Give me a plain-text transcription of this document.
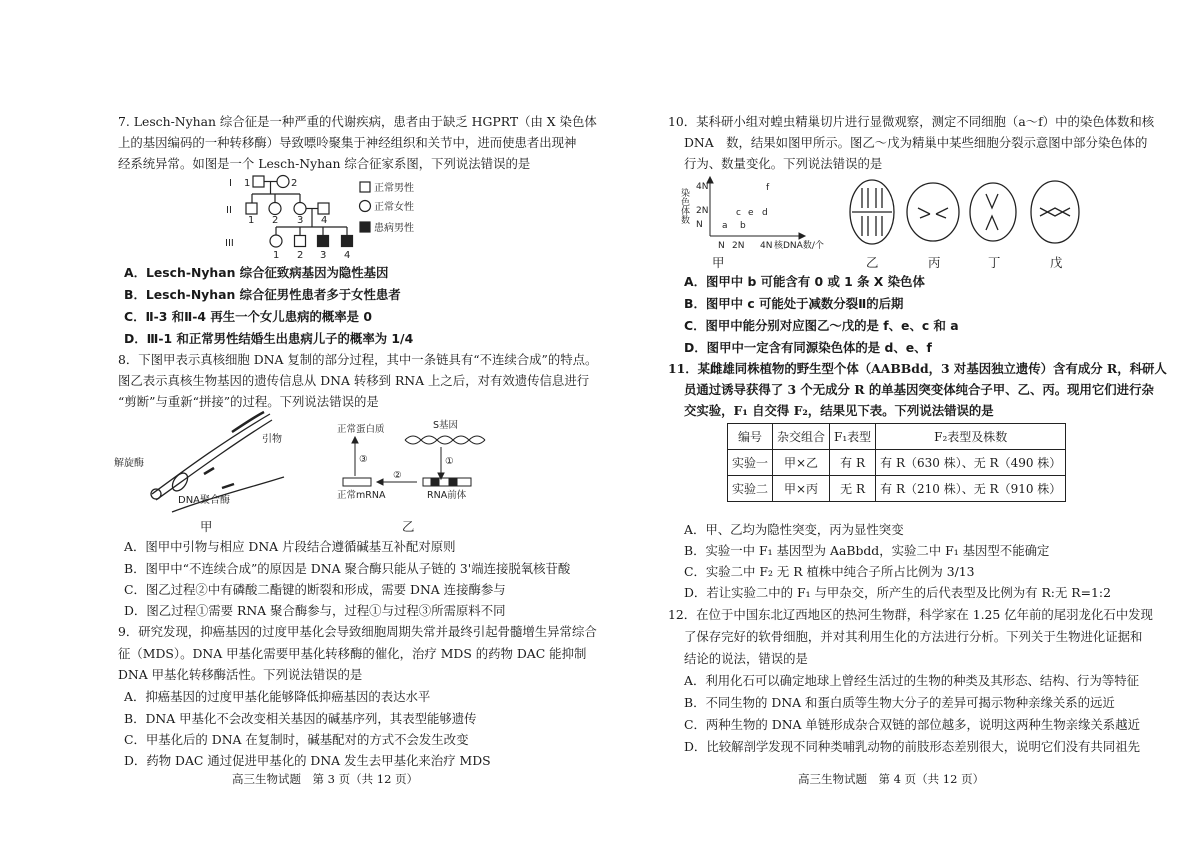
7. Lesch-Nyhan 综合征是一种严重的代谢疾病，患者由于缺乏 HGPRT（由 X 染色体
上的基因编码的一种转移酶）导致嘌呤聚集于神经组织和关节中，进而使患者出现神
经系统异常。如图是一个 Lesch-Nyhan 综合征家系图，下列说法错误的是
I 1	2
II
1 2 3 4
III
1 2 3 4
正常男性
正常女性
患病男性
A．Lesch-Nyhan 综合征致病基因为隐性基因
B．Lesch-Nyhan 综合征男性患者多于女性患者
C．Ⅱ-3 和Ⅱ-4 再生一个女儿患病的概率是 0
D．Ⅲ-1 和正常男性结婚生出患病儿子的概率为 1/4
8．下图甲表示真核细胞 DNA 复制的部分过程，其中一条链具有“不连续合成”的特点。
图乙表示真核生物基因的遗传信息从 DNA 转移到 RNA 上之后，对有效遗传信息进行
“剪断”与重新“拼接”的过程。下列说法错误的是
引物
解旋酶
DNA聚合酶
S基因
正常蛋白质
①
②
③
正常mRNA	RNA前体
甲	乙
A．图甲中引物与相应 DNA 片段结合遵循碱基互补配对原则
B．图甲中“不连续合成”的原因是 DNA 聚合酶只能从子链的 3'端连接脱氧核苷酸
C．图乙过程②中有磷酸二酯键的断裂和形成，需要 DNA 连接酶参与
D．图乙过程①需要 RNA 聚合酶参与，过程①与过程③所需原料不同
9．研究发现，抑癌基因的过度甲基化会导致细胞周期失常并最终引起骨髓增生异常综合
征（MDS）。DNA 甲基化需要甲基化转移酶的催化，治疗 MDS 的药物 DAC 能抑制
DNA 甲基化转移酶活性。下列说法错误的是
A．抑癌基因的过度甲基化能够降低抑癌基因的表达水平
B．DNA 甲基化不会改变相关基因的碱基序列，其表型能够遗传
C．甲基化后的 DNA 在复制时，碱基配对的方式不会发生改变
D．药物 DAC 通过促进甲基化的 DNA 发生去甲基化来治疗 MDS
高三生物试题　第 3 页（共 12 页）
10．某科研小组对蝗虫精巢切片进行显微观察，测定不同细胞（a～f）中的染色体数和核
DNA　数，结果如图甲所示。图乙～戊为精巢中某些细胞分裂示意图中部分染色体的
行为、数量变化。下列说法错误的是
染色体数
4N
2N
N
N 2N 4N 核DNA数/个
a b
c d
e
f
甲	乙	丙	丁	戊
A．图甲中 b 可能含有 0 或 1 条 X 染色体
B．图甲中 c 可能处于减数分裂Ⅱ的后期
C．图甲中能分别对应图乙～戊的是 f、e、c 和 a
D．图甲中一定含有同源染色体的是 d、e、f
11．某雌雄同株植物的野生型个体（AABBdd，3 对基因独立遗传）含有成分 R，科研人
员通过诱导获得了 3 个无成分 R 的单基因突变体纯合子甲、乙、丙。现用它们进行杂
交实验，F₁ 自交得 F₂，结果见下表。下列说法错误的是
编号	杂交组合	F₁表型	F₂表型及株数
实验一	甲×乙	有 R	有 R（630 株）、无 R（490 株）
实验二	甲×丙	无 R	有 R（210 株）、无 R（910 株）
A．甲、乙均为隐性突变，丙为显性突变
B．实验一中 F₁ 基因型为 AaBbdd，实验二中 F₁ 基因型不能确定
C．实验二中 F₂ 无 R 植株中纯合子所占比例为 3/13
D．若让实验二中的 F₁ 与甲杂交，所产生的后代表型及比例为有 R:无 R=1:2
12．在位于中国东北辽西地区的热河生物群，科学家在 1.25 亿年前的尾羽龙化石中发现
了保存完好的软骨细胞，并对其利用生化的方法进行分析。下列关于生物进化证据和
结论的说法，错误的是
A．利用化石可以确定地球上曾经生活过的生物的种类及其形态、结构、行为等特征
B．不同生物的 DNA 和蛋白质等生物大分子的差异可揭示物种亲缘关系的远近
C．两种生物的 DNA 单链形成杂合双链的部位越多，说明这两种生物亲缘关系越近
D．比较解剖学发现不同种类哺乳动物的前肢形态差别很大，说明它们没有共同祖先
高三生物试题　第 4 页（共 12 页）
